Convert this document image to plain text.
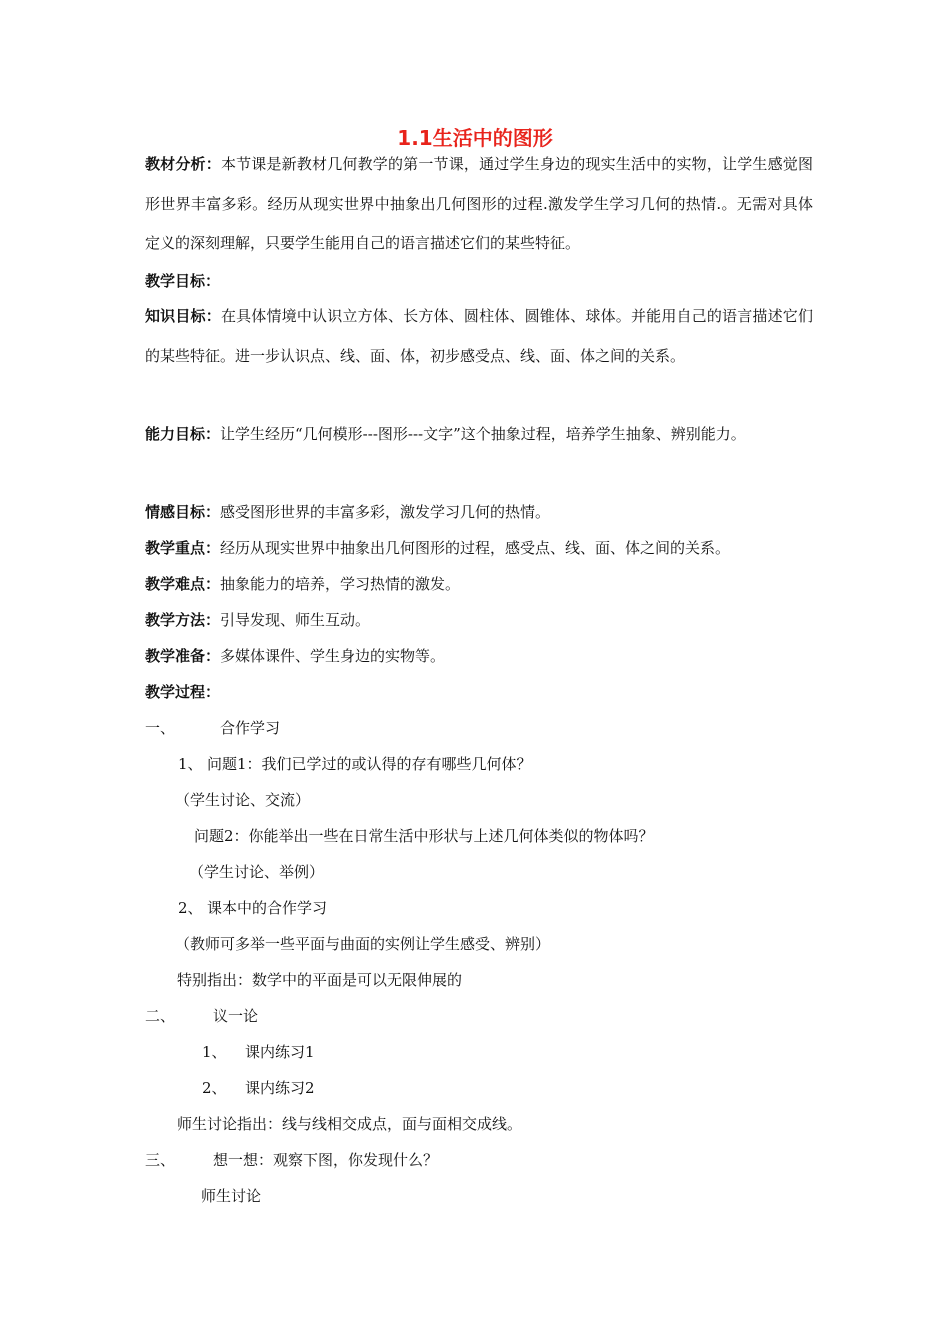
1.1生活中的图形
教材分析：本节课是新教材几何教学的第一节课，通过学生身边的现实生活中的实物，让学生感觉图形世界丰富多彩。经历从现实世界中抽象出几何图形的过程.激发学生学习几何的热情.。无需对具体定义的深刻理解，只要学生能用自己的语言描述它们的某些特征。
教学目标：
知识目标：在具体情境中认识立方体、长方体、圆柱体、圆锥体、球体。并能用自己的语言描述它们的某些特征。进一步认识点、线、面、体，初步感受点、线、面、体之间的关系。
能力目标：让学生经历“几何模形---图形---文字”这个抽象过程，培养学生抽象、辨别能力。
情感目标：感受图形世界的丰富多彩，激发学习几何的热情。
教学重点：经历从现实世界中抽象出几何图形的过程，感受点、线、面、体之间的关系。
教学难点：抽象能力的培养，学习热情的激发。
教学方法：引导发现、师生互动。
教学准备：多媒体课件、学生身边的实物等。
教学过程：
一、	合作学习
1、 问题1：我们已学过的或认得的存有哪些几何体？
（学生讨论、交流）
问题2：你能举出一些在日常生活中形状与上述几何体类似的物体吗？
（学生讨论、举例）
2、 课本中的合作学习
（教师可多举一些平面与曲面的实例让学生感受、辨别）
特别指出：数学中的平面是可以无限伸展的
二、	议一论
1、 课内练习1
2、 课内练习2
师生讨论指出：线与线相交成点，面与面相交成线。
三、	想一想：观察下图，你发现什么？
师生讨论
